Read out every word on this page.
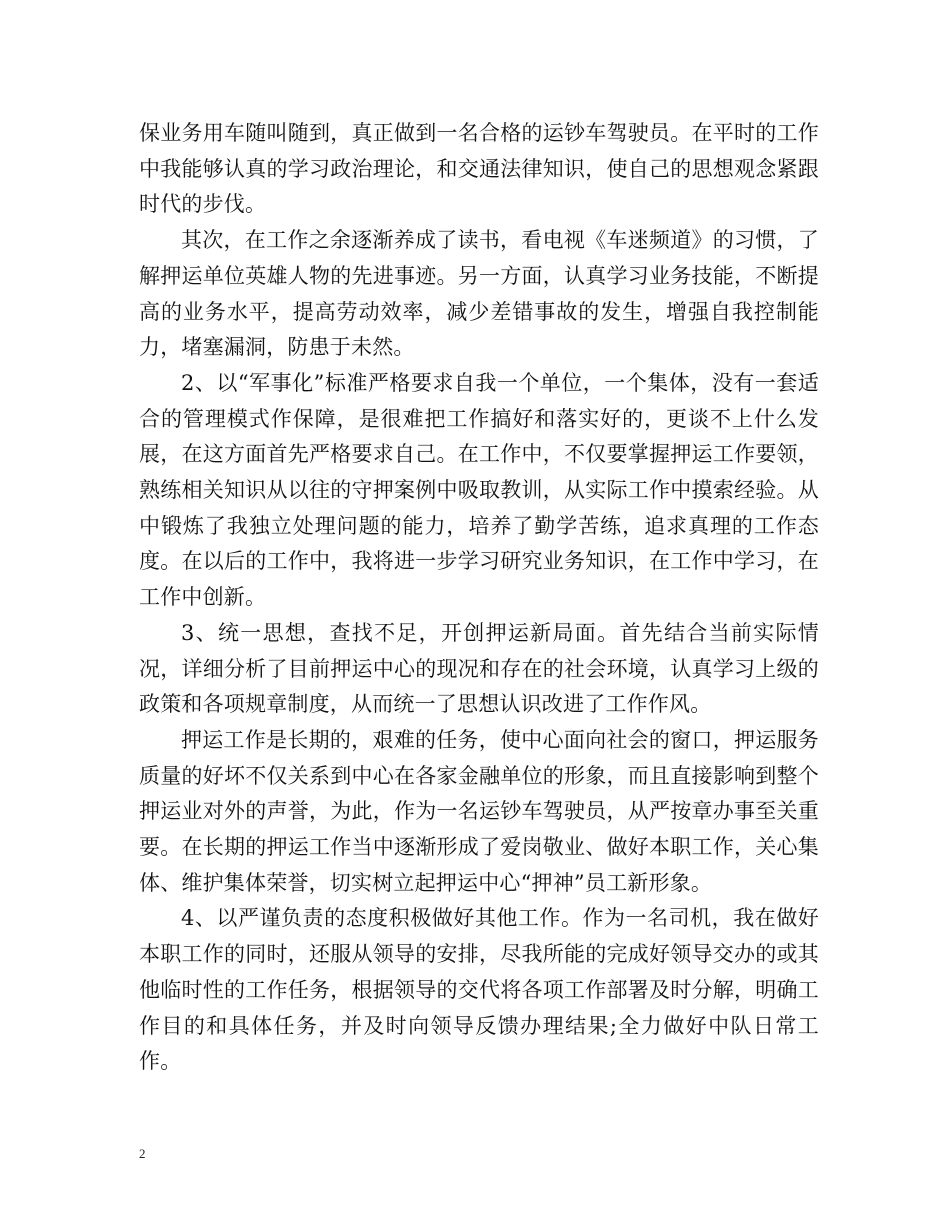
保业务用车随叫随到，真正做到一名合格的运钞车驾驶员。在平时的工作中我能够认真的学习政治理论，和交通法律知识，使自己的思想观念紧跟时代的步伐。

其次，在工作之余逐渐养成了读书，看电视《车迷频道》的习惯，了解押运单位英雄人物的先进事迹。另一方面，认真学习业务技能，不断提高的业务水平，提高劳动效率，减少差错事故的发生，增强自我控制能力，堵塞漏洞，防患于未然。

2、以“军事化”标准严格要求自我一个单位，一个集体，没有一套适合的管理模式作保障，是很难把工作搞好和落实好的，更谈不上什么发展，在这方面首先严格要求自己。在工作中，不仅要掌握押运工作要领，熟练相关知识从以往的守押案例中吸取教训，从实际工作中摸索经验。从中锻炼了我独立处理问题的能力，培养了勤学苦练，追求真理的工作态度。在以后的工作中，我将进一步学习研究业务知识，在工作中学习，在工作中创新。

3、统一思想，查找不足，开创押运新局面。首先结合当前实际情况，详细分析了目前押运中心的现况和存在的社会环境，认真学习上级的政策和各项规章制度，从而统一了思想认识改进了工作作风。

押运工作是长期的，艰难的任务，使中心面向社会的窗口，押运服务质量的好坏不仅关系到中心在各家金融单位的形象，而且直接影响到整个押运业对外的声誉，为此，作为一名运钞车驾驶员，从严按章办事至关重要。在长期的押运工作当中逐渐形成了爱岗敬业、做好本职工作，关心集体、维护集体荣誉，切实树立起押运中心“押神”员工新形象。

4、以严谨负责的态度积极做好其他工作。作为一名司机，我在做好本职工作的同时，还服从领导的安排，尽我所能的完成好领导交办的或其他临时性的工作任务，根据领导的交代将各项工作部署及时分解，明确工作目的和具体任务，并及时向领导反馈办理结果;全力做好中队日常工作。

2
